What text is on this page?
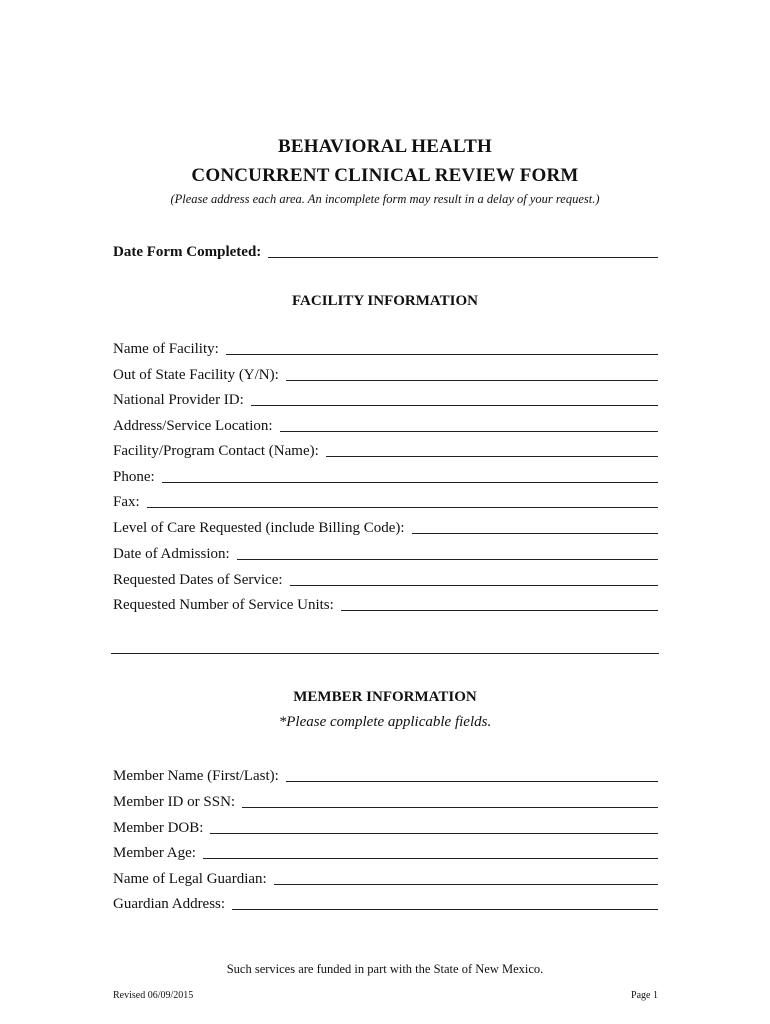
BEHAVIORAL HEALTH
CONCURRENT CLINICAL REVIEW FORM
(Please address each area. An incomplete form may result in a delay of your request.)
Date Form Completed:
FACILITY INFORMATION
Name of Facility:
Out of State Facility (Y/N):
National Provider ID:
Address/Service Location:
Facility/Program Contact (Name):
Phone:
Fax:
Level of Care Requested (include Billing Code):
Date of Admission:
Requested Dates of Service:
Requested Number of Service Units:
MEMBER INFORMATION
*Please complete applicable fields.
Member Name (First/Last):
Member ID or SSN:
Member DOB:
Member Age:
Name of Legal Guardian:
Guardian Address:
Such services are funded in part with the State of New Mexico.
Revised 06/09/2015	Page 1
